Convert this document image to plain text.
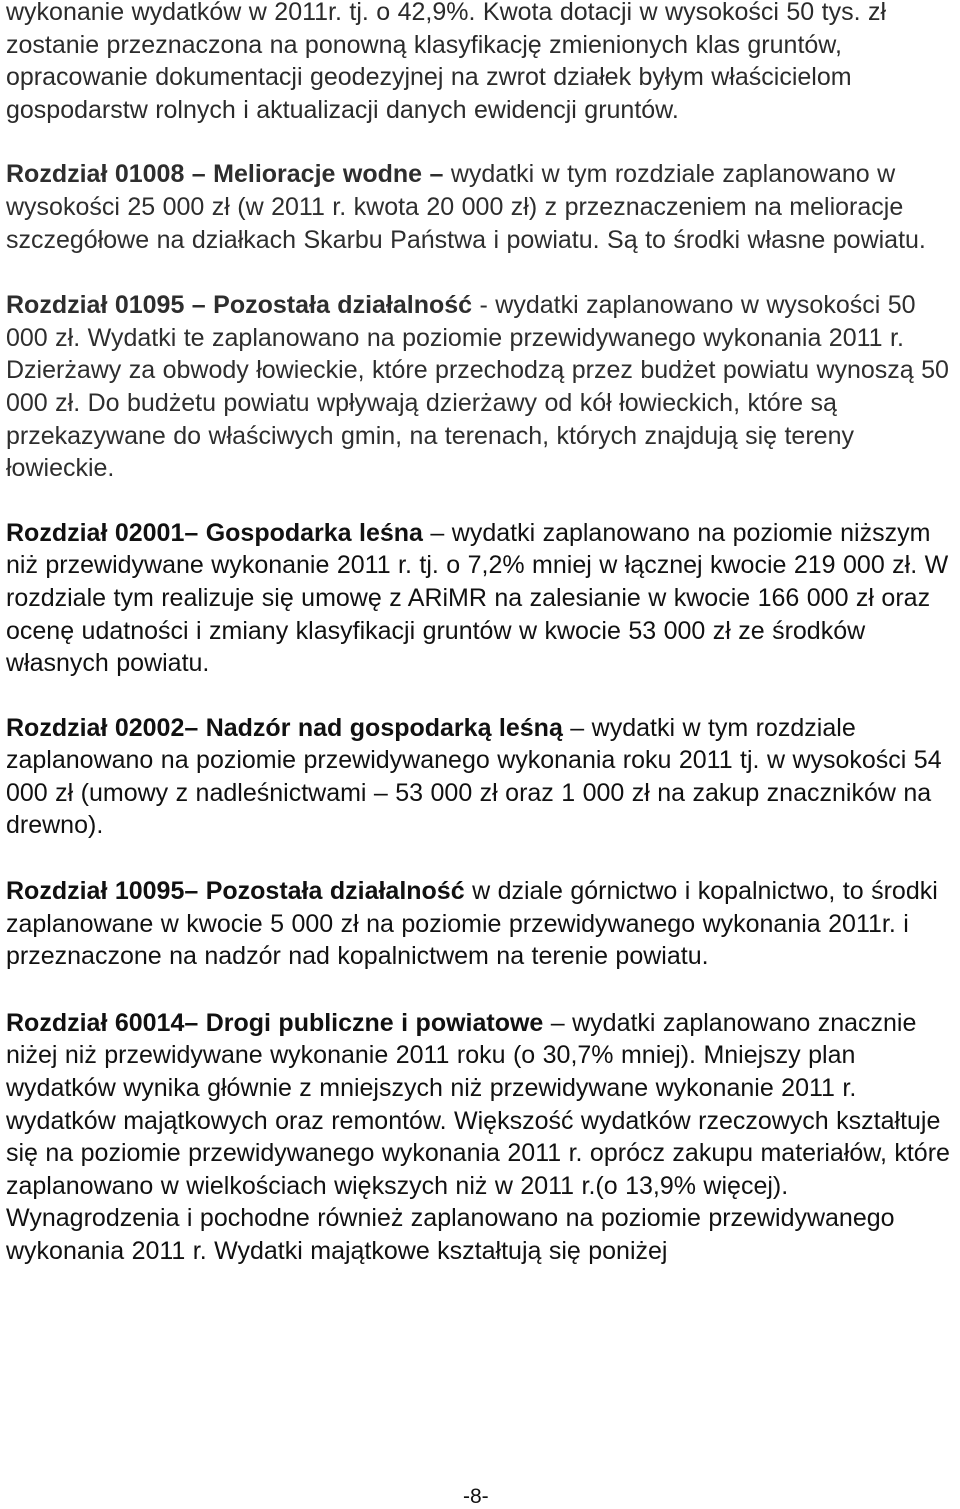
wykonanie wydatków w 2011r. tj. o 42,9%. Kwota dotacji w wysokości 50 tys. zł zostanie przeznaczona na ponowną klasyfikację zmienionych klas gruntów, opracowanie dokumentacji geodezyjnej na zwrot działek byłym właścicielom gospodarstw rolnych i aktualizacji danych ewidencji gruntów.

Rozdział 01008 – Melioracje wodne – wydatki w tym rozdziale zaplanowano w wysokości 25 000 zł (w 2011 r. kwota 20 000 zł) z przeznaczeniem na melioracje szczegółowe na działkach Skarbu Państwa i powiatu. Są to środki własne powiatu.

Rozdział 01095 – Pozostała działalność - wydatki zaplanowano w wysokości 50 000 zł. Wydatki te zaplanowano na poziomie przewidywanego wykonania 2011 r. Dzierżawy za obwody łowieckie, które przechodzą przez budżet powiatu wynoszą 50 000 zł. Do budżetu powiatu wpływają dzierżawy od kół łowieckich, które są przekazywane do właściwych gmin, na terenach, których znajdują się tereny łowieckie.

Rozdział 02001– Gospodarka leśna – wydatki zaplanowano na poziomie niższym niż przewidywane wykonanie 2011 r. tj. o 7,2% mniej w łącznej kwocie 219 000 zł. W rozdziale tym realizuje się umowę z ARiMR na zalesianie w kwocie 166 000 zł oraz ocenę udatności i zmiany klasyfikacji gruntów w kwocie 53 000 zł ze środków własnych powiatu.

Rozdział 02002– Nadzór nad gospodarką leśną – wydatki w tym rozdziale zaplanowano na poziomie przewidywanego wykonania roku 2011 tj. w wysokości 54 000 zł (umowy z nadleśnictwami – 53 000 zł oraz 1 000 zł na zakup znaczników na drewno).

Rozdział 10095– Pozostała działalność w dziale górnictwo i kopalnictwo, to środki zaplanowane w kwocie 5 000 zł na poziomie przewidywanego wykonania 2011r. i przeznaczone na nadzór nad kopalnictwem na terenie powiatu.

Rozdział 60014– Drogi publiczne i powiatowe – wydatki zaplanowano znacznie niżej niż przewidywane wykonanie 2011 roku (o 30,7% mniej). Mniejszy plan wydatków wynika głównie z mniejszych niż przewidywane wykonanie 2011 r. wydatków majątkowych oraz remontów. Większość wydatków rzeczowych kształtuje się na poziomie przewidywanego wykonania 2011 r. oprócz zakupu materiałów, które zaplanowano w wielkościach większych niż w 2011 r.(o 13,9% więcej). Wynagrodzenia i pochodne również zaplanowano na poziomie przewidywanego wykonania 2011 r. Wydatki majątkowe kształtują się poniżej

-8-
